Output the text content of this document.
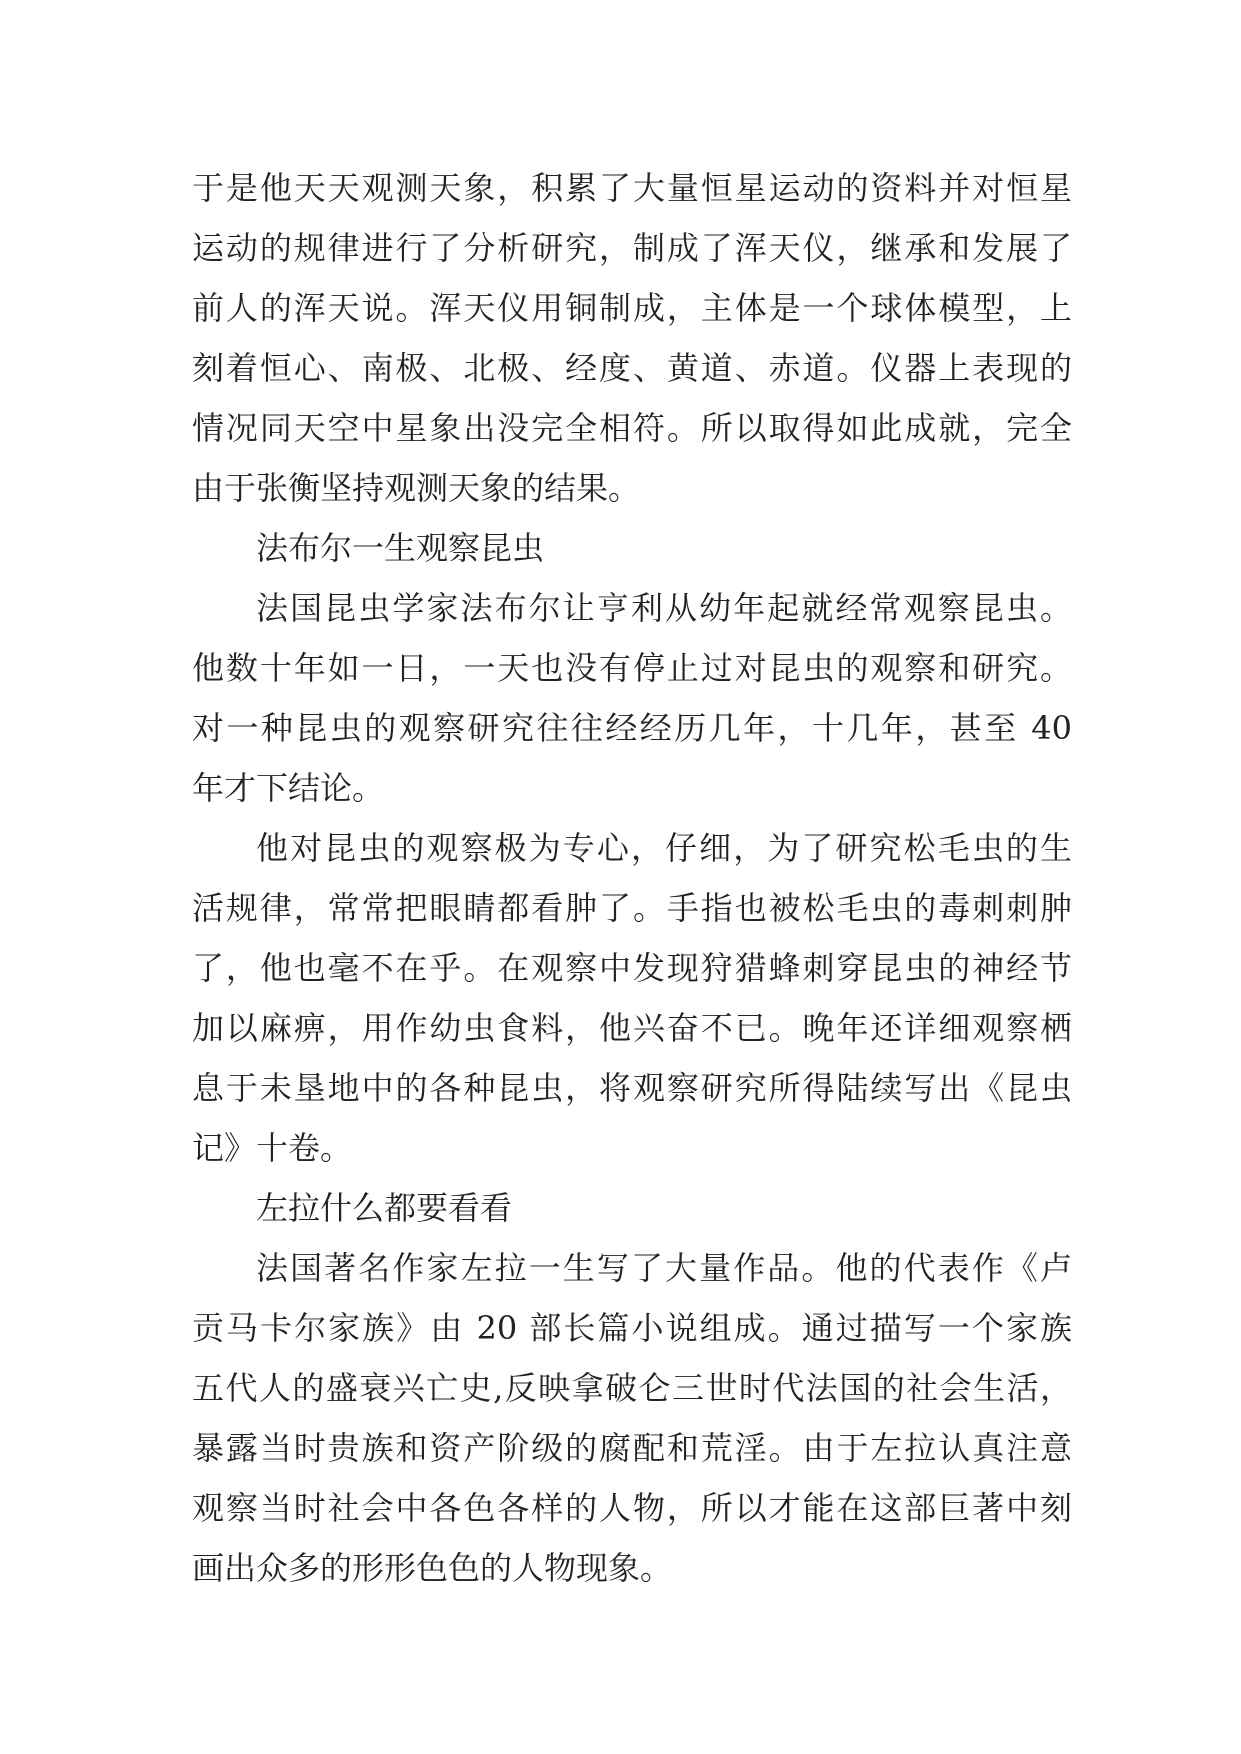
于是他天天观测天象，积累了大量恒星运动的资料并对恒星
运动的规律进行了分析研究，制成了浑天仪，继承和发展了
前人的浑天说。浑天仪用铜制成，主体是一个球体模型，上
刻着恒心、南极、北极、经度、黄道、赤道。仪器上表现的
情况同天空中星象出没完全相符。所以取得如此成就，完全
由于张衡坚持观测天象的结果。
法布尔一生观察昆虫
法国昆虫学家法布尔让亨利从幼年起就经常观察昆虫。
他数十年如一日，一天也没有停止过对昆虫的观察和研究。
对一种昆虫的观察研究往往经经历几年，十几年，甚至 40
年才下结论。
他对昆虫的观察极为专心，仔细，为了研究松毛虫的生
活规律，常常把眼睛都看肿了。手指也被松毛虫的毒刺刺肿
了，他也毫不在乎。在观察中发现狩猎蜂刺穿昆虫的神经节
加以麻痹，用作幼虫食料，他兴奋不已。晚年还详细观察栖
息于未垦地中的各种昆虫，将观察研究所得陆续写出《昆虫
记》十卷。
左拉什么都要看看
法国著名作家左拉一生写了大量作品。他的代表作《卢
贡马卡尔家族》由 20 部长篇小说组成。通过描写一个家族
五代人的盛衰兴亡史,反映拿破仑三世时代法国的社会生活，
暴露当时贵族和资产阶级的腐配和荒淫。由于左拉认真注意
观察当时社会中各色各样的人物，所以才能在这部巨著中刻
画出众多的形形色色的人物现象。
